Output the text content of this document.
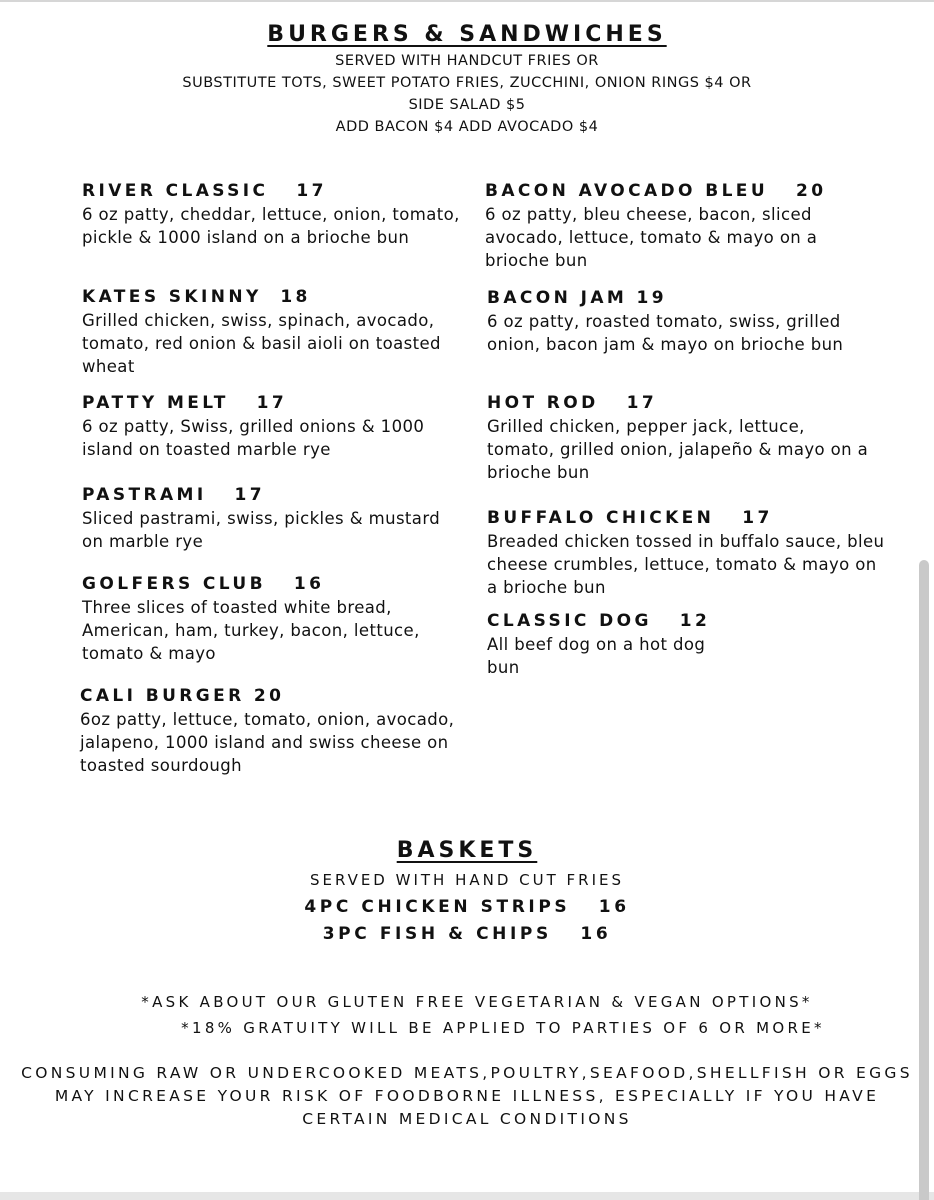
BURGERS & SANDWICHES
SERVED WITH HANDCUT FRIES OR
SUBSTITUTE TOTS, SWEET POTATO FRIES, ZUCCHINI, ONION RINGS $4 OR
SIDE SALAD $5
ADD BACON $4 ADD AVOCADO $4
RIVER CLASSIC   17
6 oz patty, cheddar, lettuce, onion, tomato, pickle & 1000 island on a brioche bun
KATES SKINNY  18
Grilled chicken, swiss, spinach, avocado, tomato, red onion & basil aioli on toasted wheat
PATTY MELT   17
6 oz patty, Swiss, grilled onions & 1000 island on toasted marble rye
PASTRAMI   17
Sliced pastrami, swiss, pickles & mustard on marble rye
GOLFERS CLUB   16
Three slices of toasted white bread, American, ham, turkey, bacon, lettuce, tomato & mayo
CALI BURGER 20
6oz patty, lettuce, tomato, onion, avocado, jalapeno, 1000 island and swiss cheese on toasted sourdough
BACON AVOCADO BLEU   20
6 oz patty, bleu cheese, bacon, sliced avocado, lettuce, tomato & mayo on a brioche bun
BACON JAM 19
6 oz patty, roasted tomato, swiss, grilled onion, bacon jam & mayo on brioche bun
HOT ROD   17
Grilled chicken, pepper jack, lettuce, tomato, grilled onion, jalapeño & mayo on a brioche bun
BUFFALO CHICKEN   17
Breaded chicken tossed in buffalo sauce, bleu cheese crumbles, lettuce, tomato & mayo on a brioche bun
CLASSIC DOG   12
All beef dog on a hot dog bun
BASKETS
SERVED WITH HAND CUT FRIES
4PC CHICKEN STRIPS   16
3PC FISH & CHIPS   16
*ASK ABOUT OUR GLUTEN FREE VEGETARIAN & VEGAN OPTIONS*
*18% GRATUITY WILL BE APPLIED TO PARTIES OF 6 OR MORE*
CONSUMING RAW OR UNDERCOOKED MEATS,POULTRY,SEAFOOD,SHELLFISH OR EGGS MAY INCREASE YOUR RISK OF FOODBORNE ILLNESS, ESPECIALLY IF YOU HAVE CERTAIN MEDICAL CONDITIONS
